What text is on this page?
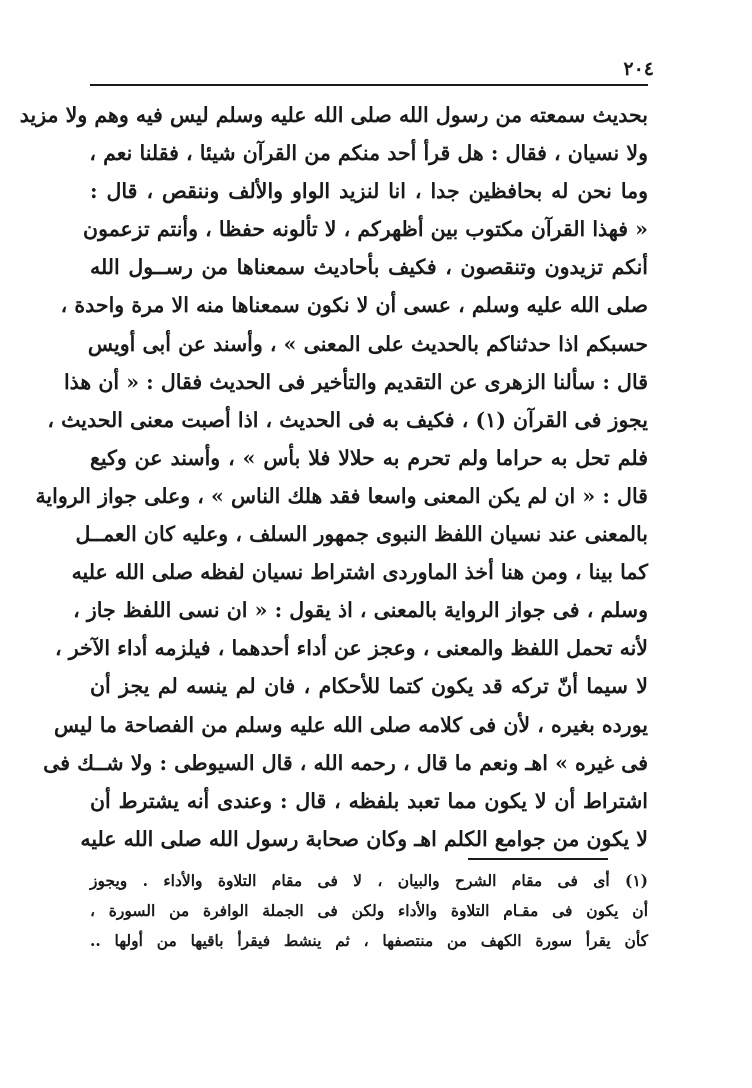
٢٠٤
بحديث سمعته من رسول الله صلى الله عليه وسلم ليس فيه وهم ولا مزيد
ولا نسيان ، فقال : هل قرأ أحد منكم من القرآن شيئا ، فقلنا نعم ،
وما نحن له بحافظين جدا ، انا لنزيد الواو والألف وننقص ، قال :
« فهذا القرآن مكتوب بين أظهركم ، لا تألونه حفظا ، وأنتم تزعمون
أنكم تزيدون وتنقصون ، فكيف بأحاديث سمعناها من رســول الله
صلى الله عليه وسلم ، عسى أن لا نكون سمعناها منه الا مرة واحدة ،
حسبكم اذا حدثناكم بالحديث على المعنى » ، وأسند عن أبى أويس
قال : سألنا الزهرى عن التقديم والتأخير فى الحديث فقال : « أن هذا
يجوز فى القرآن (١) ، فكيف به فى الحديث ، اذا أصبت معنى الحديث ،
فلم تحل به حراما ولم تحرم به حلالا فلا بأس » ، وأسند عن وكيع
قال : « ان لم يكن المعنى واسعا فقد هلك الناس » ، وعلى جواز الرواية
بالمعنى عند نسيان اللفظ النبوى جمهور السلف ، وعليه كان العمــل
كما بينا ، ومن هنا أخذ الماوردى اشتراط نسيان لفظه صلى الله عليه
وسلم ، فى جواز الرواية بالمعنى ، اذ يقول : « ان نسى اللفظ جاز ،
لأنه تحمل اللفظ والمعنى ، وعجز عن أداء أحدهما ، فيلزمه أداء الآخر ،
لا سيما أنّ تركه قد يكون كتما للأحكام ، فان لم ينسه لم يجز أن
يورده بغيره ، لأن فى كلامه صلى الله عليه وسلم من الفصاحة ما ليس
فى غيره » اهـ ونعم ما قال ، رحمه الله ، قال السيوطى : ولا شــك فى
اشتراط أن لا يكون مما تعبد بلفظه ، قال : وعندى أنه يشترط أن
لا يكون من جوامع الكلم اهـ وكان صحابة رسول الله صلى الله عليه
(١) أى فى مقام الشرح والبيان ، لا فى مقام التلاوة والأداء . ويجوز
أن يكون فى مقـام التلاوة والأداء ولكن فى الجملة الوافرة من السورة ،
كأن يقرأ سورة الكهف من منتصفها ، ثم ينشط فيقرأ باقيها من أولها ..
